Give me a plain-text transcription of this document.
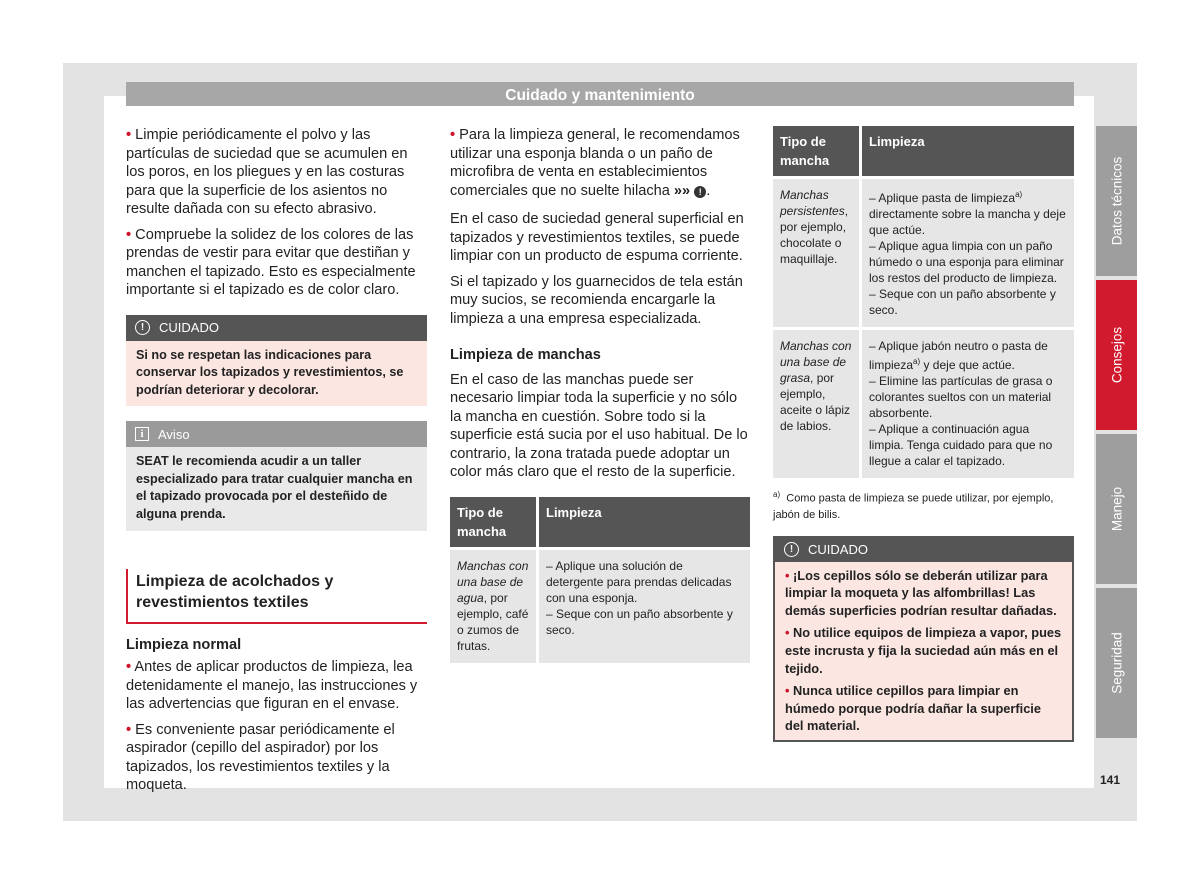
Cuidado y mantenimiento

• Limpie periódicamente el polvo y las partículas de suciedad que se acumulen en los poros, en los pliegues y en las costuras para que la superficie de los asientos no resulte dañada con su efecto abrasivo.

• Compruebe la solidez de los colores de las prendas de vestir para evitar que destiñan y manchen el tapizado. Esto es especialmente importante si el tapizado es de color claro.

!	CUIDADO
Si no se respetan las indicaciones para conservar los tapizados y revestimientos, se podrían deteriorar y decolorar.
i	Aviso
SEAT le recomienda acudir a un taller especializado para tratar cualquier mancha en el tapizado provocada por el desteñido de alguna prenda.

Limpieza de acolchados y revestimientos textiles

Limpieza normal

• Antes de aplicar productos de limpieza, lea detenidamente el manejo, las instrucciones y las advertencias que figuran en el envase.

• Es conveniente pasar periódicamente el aspirador (cepillo del aspirador) por los tapizados, los revestimientos textiles y la moqueta.

• Para la limpieza general, le recomendamos utilizar una esponja blanda o un paño de microfibra de venta en establecimientos comerciales que no suelte hilacha »» ! .

En el caso de suciedad general superficial en tapizados y revestimientos textiles, se puede limpiar con un producto de espuma corriente.

Si el tapizado y los guarnecidos de tela están muy sucios, se recomienda encargarle la limpieza a una empresa especializada.

Limpieza de manchas

En el caso de las manchas puede ser necesario limpiar toda la superficie y no sólo la mancha en cuestión. Sobre todo si la superficie está sucia por el uso habitual. De lo contrario, la zona tratada puede adoptar un color más claro que el resto de la superficie.

Tipo de mancha	Limpieza
Manchas con una base de agua, por ejemplo, café o zumos de frutas.	– Aplique una solución de detergente para prendas delicadas con una esponja.
– Seque con un paño absorbente y seco.
Tipo de mancha	Limpieza
Manchas persistentes, por ejemplo, chocolate o maquillaje.	– Aplique pasta de limpieza$^{a)}$ directamente sobre la mancha y deje que actúe.
– Aplique agua limpia con un paño húmedo o una esponja para eliminar los restos del producto de limpieza.
– Seque con un paño absorbente y seco.
Manchas con una base de grasa, por ejemplo, aceite o lápiz de labios.	– Aplique jabón neutro o pasta de limpieza$^{a)}$ y deje que actúe.
– Elimine las partículas de grasa o colorantes sueltos con un material absorbente.
– Aplique a continuación agua limpia. Tenga cuidado para que no llegue a calar el tapizado.

$^{a)}$ Como pasta de limpieza se puede utilizar, por ejemplo, jabón de bilis.

!	CUIDADO

• ¡Los cepillos sólo se deberán utilizar para limpiar la moqueta y las alfombrillas! Las demás superficies podrían resultar dañadas.

• No utilice equipos de limpieza a vapor, pues este incrusta y fija la suciedad aún más en el tejido.

• Nunca utilice cepillos para limpiar en húmedo porque podría dañar la superficie del material.

Datos técnicos
Consejos
Manejo
Seguridad
141
